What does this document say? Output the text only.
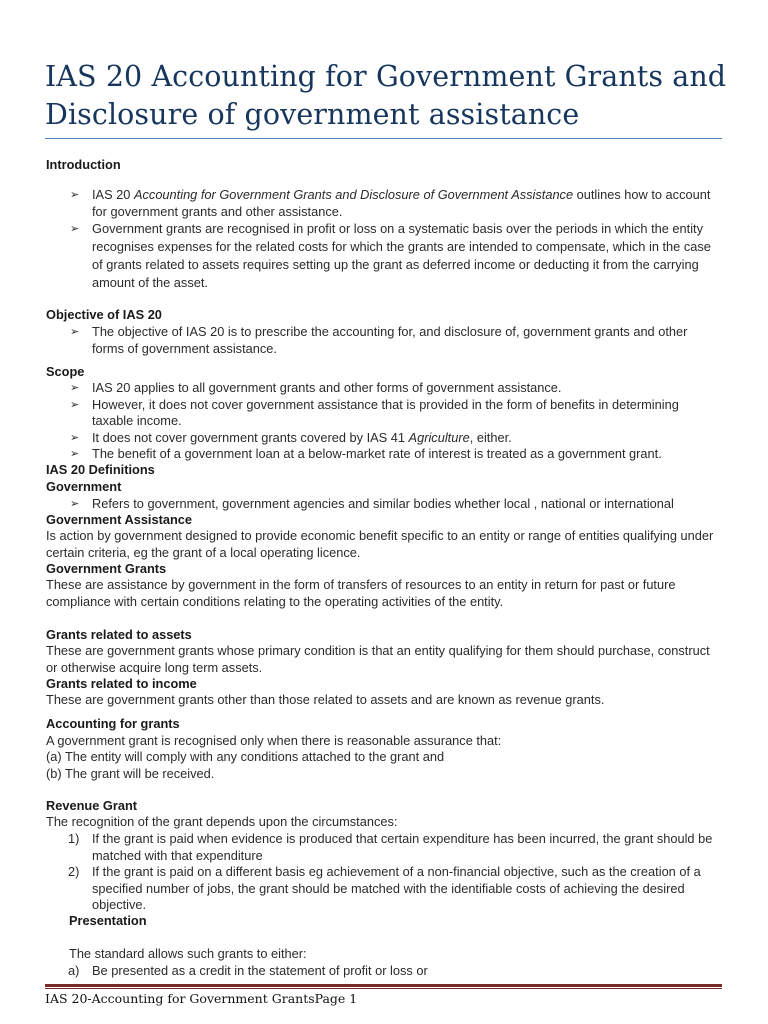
IAS 20 Accounting for Government Grants and Disclosure of government assistance
Introduction
➢ IAS 20 Accounting for Government Grants and Disclosure of Government Assistance outlines how to account for government grants and other assistance.
➢ Government grants are recognised in profit or loss on a systematic basis over the periods in which the entity recognises expenses for the related costs for which the grants are intended to compensate, which in the case of grants related to assets requires setting up the grant as deferred income or deducting it from the carrying amount of the asset.
Objective of IAS 20
➢ The objective of IAS 20 is to prescribe the accounting for, and disclosure of, government grants and other forms of government assistance.
Scope
➢ IAS 20 applies to all government grants and other forms of government assistance.
➢ However, it does not cover government assistance that is provided in the form of benefits in determining taxable income.
➢ It does not cover government grants covered by IAS 41 Agriculture, either.
➢ The benefit of a government loan at a below-market rate of interest is treated as a government grant.
IAS 20 Definitions
Government
➢ Refers to government, government agencies and similar bodies whether local , national or international
Government Assistance
Is action by government designed to provide economic benefit specific to an entity or range of entities qualifying under certain criteria, eg the grant of a local operating licence.
Government Grants
These are assistance by government in the form of transfers of resources to an entity in return for past or future compliance with certain conditions relating to the operating activities of the entity.
Grants related to assets
These are government grants whose primary condition is that an entity qualifying for them should purchase, construct or otherwise acquire long term assets.
Grants related to income
These are government grants other than those related to assets and are known as revenue grants.
Accounting for grants
A government grant is recognised only when there is reasonable assurance that:
(a) The entity will comply with any conditions attached to the grant and
(b) The grant will be received.
Revenue Grant
The recognition of the grant depends upon the circumstances:
1) If the grant is paid when evidence is produced that certain expenditure has been incurred, the grant should be matched with that expenditure
2) If the grant is paid on a different basis eg achievement of a non-financial objective, such as the creation of a specified number of jobs, the grant should be matched with the identifiable costs of achieving the desired objective.
Presentation
The standard allows such grants to either:
a) Be presented as a credit in the statement of profit or loss or
IAS 20-Accounting for Government GrantsPage 1
